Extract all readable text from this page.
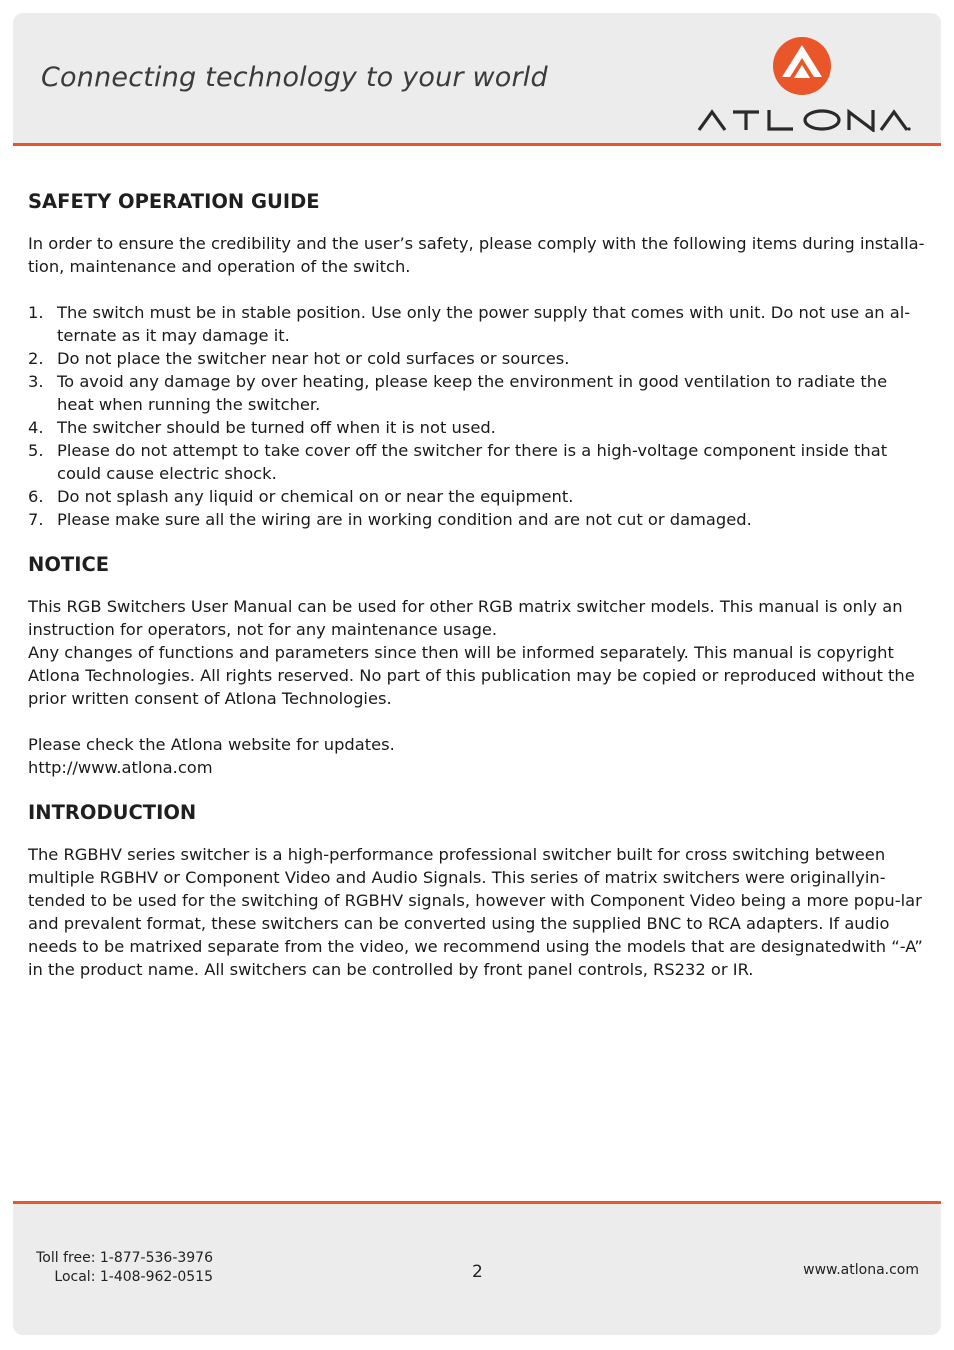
Connecting technology to your world
SAFETY OPERATION GUIDE

In order to ensure the credibility and the user’s safety, please comply with the following items during installa-tion, maintenance and operation of the switch.

1. The switch must be in stable position. Use only the power supply that comes with unit. Do not use an al-ternate as it may damage it.
2. Do not place the switcher near hot or cold surfaces or sources.
3. To avoid any damage by over heating, please keep the environment in good ventilation to radiate the heat when running the switcher.
4. The switcher should be turned off when it is not used.
5. Please do not attempt to take cover off the switcher for there is a high-voltage component inside that could cause electric shock.
6. Do not splash any liquid or chemical on or near the equipment.
7. Please make sure all the wiring are in working condition and are not cut or damaged.
NOTICE

This RGB Switchers User Manual can be used for other RGB matrix switcher models. This manual is only an instruction for operators, not for any maintenance usage.

Any changes of functions and parameters since then will be informed separately. This manual is copyright Atlona Technologies. All rights reserved. No part of this publication may be copied or reproduced without the prior written consent of Atlona Technologies.

Please check the Atlona website for updates.

http://www.atlona.com

INTRODUCTION

The RGBHV series switcher is a high-performance professional switcher built for cross switching between multiple RGBHV or Component Video and Audio Signals. This series of matrix switchers were originallyin-tended to be used for the switching of RGBHV signals, however with Component Video being a more popu-lar and prevalent format, these switchers can be converted using the supplied BNC to RCA adapters. If audio needs to be matrixed separate from the video, we recommend using the models that are designatedwith “-A” in the product name. All switchers can be controlled by front panel controls, RS232 or IR.

Toll free: 1-877-536-3976
Local: 1-408-962-0515	2	www.atlona.com
